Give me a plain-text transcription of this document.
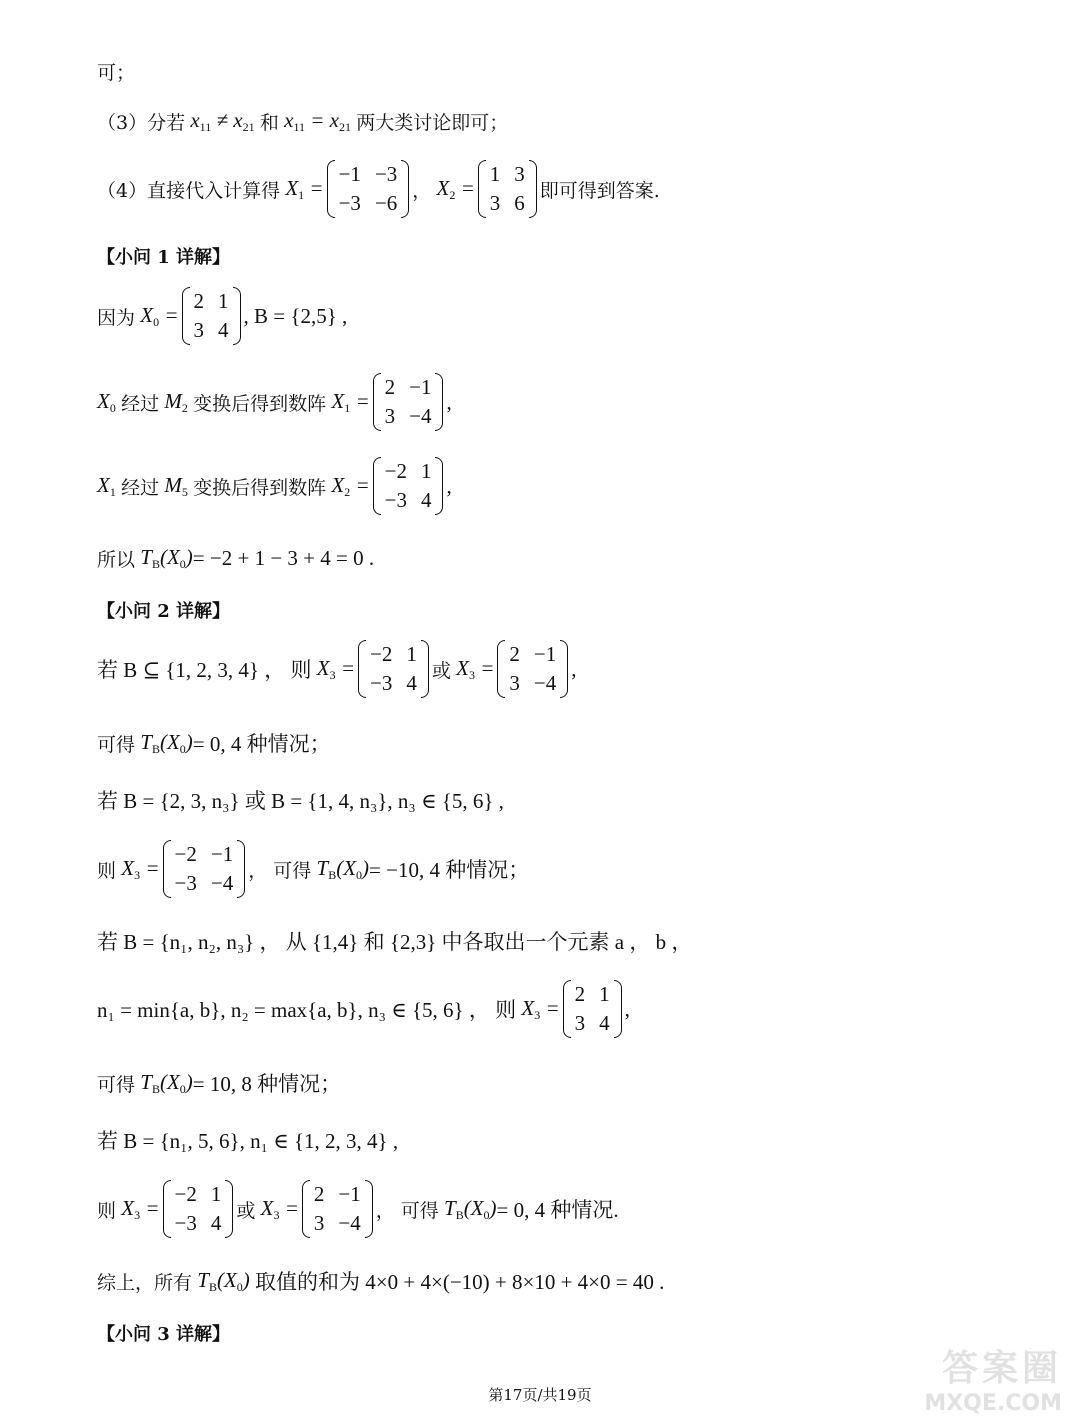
可；
（3）分若 $x_{11} \ne x_{21}$ 和 $x_{11} = x_{21}$ 两大类讨论即可；
（4）直接代入计算得 $X_1$ =
−1 −3
−3 −6
， $X_2$ =
1 3
3 6
即可得到答案.
【小问 1 详解】
因为 $X_0$ =
2 1
3 4
, B = {2,5} ,
$X_0$ 经过 $M_2$ 变换后得到数阵 $X_1$ =
2 −1
3 −4
,
$X_1$ 经过 $M_5$ 变换后得到数阵 $X_2$ =
−2 1
−3 4
,
所以 $T_B(X_0) = -2 + 1 - 3 + 4 = 0$ .
【小问 2 详解】
若 B ⊆ {1, 2, 3, 4} ， 则 $X_3$ =
−2 1
−3 4
或 $X_3$ =
2 −1
3 −4
,
可得 $T_B(X_0) = 0$, 4 种情况；
若 B = {2, 3, n₃} 或 B = {1, 4, n₃}, n₃ ∈ {5, 6} ,
则 $X_3$ =
−2 −1
−3 −4
， 可得 $T_B(X_0) = -10$, 4 种情况；
若 B = {n₁, n₂, n₃} ， 从 {1,4} 和 {2,3} 中各取出一个元素 a ， b ，
n₁ = min{a, b}, n₂ = max{a, b}, n₃ ∈ {5, 6} ， 则 $X_3$ =
2 1
3 4
,
可得 $T_B(X_0) = 10$, 8 种情况；
若 B = {n₁, 5, 6}, n₁ ∈ {1, 2, 3, 4} ,
则 $X_3$ =
−2 1
−3 4
或 $X_3$ =
2 −1
3 −4
， 可得 $T_B(X_0) = 0$, 4 种情况.
综上，所有 $T_B(X_0)$ 取值的和为 4×0 + 4×(−10) + 8×10 + 4×0 = 40 .
【小问 3 详解】
第17页/共19页
答案圈
MXQE.COM
